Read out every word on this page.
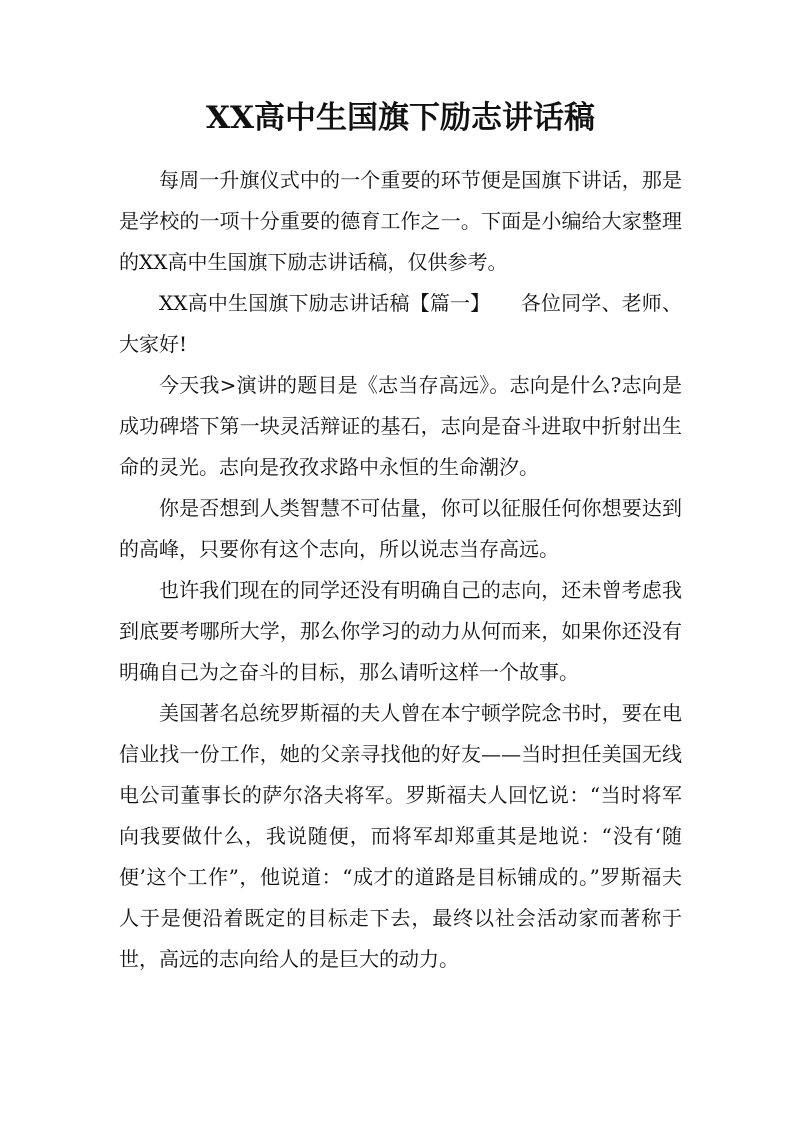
XX高中生国旗下励志讲话稿

每周一升旗仪式中的一个重要的环节便是国旗下讲话，那是是学校的一项十分重要的德育工作之一。下面是小编给大家整理的XX高中生国旗下励志讲话稿，仅供参考。

XX高中生国旗下励志讲话稿【篇一】　　各位同学、老师、大家好!

今天我>演讲的题目是《志当存高远》。志向是什么?志向是成功碑塔下第一块灵活辩证的基石，志向是奋斗进取中折射出生命的灵光。志向是孜孜求路中永恒的生命潮汐。

你是否想到人类智慧不可估量，你可以征服任何你想要达到的高峰，只要你有这个志向，所以说志当存高远。

也许我们现在的同学还没有明确自己的志向，还未曾考虑我到底要考哪所大学，那么你学习的动力从何而来，如果你还没有明确自己为之奋斗的目标，那么请听这样一个故事。

美国著名总统罗斯福的夫人曾在本宁顿学院念书时，要在电信业找一份工作，她的父亲寻找他的好友——当时担任美国无线电公司董事长的萨尔洛夫将军。罗斯福夫人回忆说：“当时将军向我要做什么，我说随便，而将军却郑重其是地说：“没有‘随便’这个工作”，他说道：“成才的道路是目标铺成的。”罗斯福夫人于是便沿着既定的目标走下去，最终以社会活动家而著称于世，高远的志向给人的是巨大的动力。
